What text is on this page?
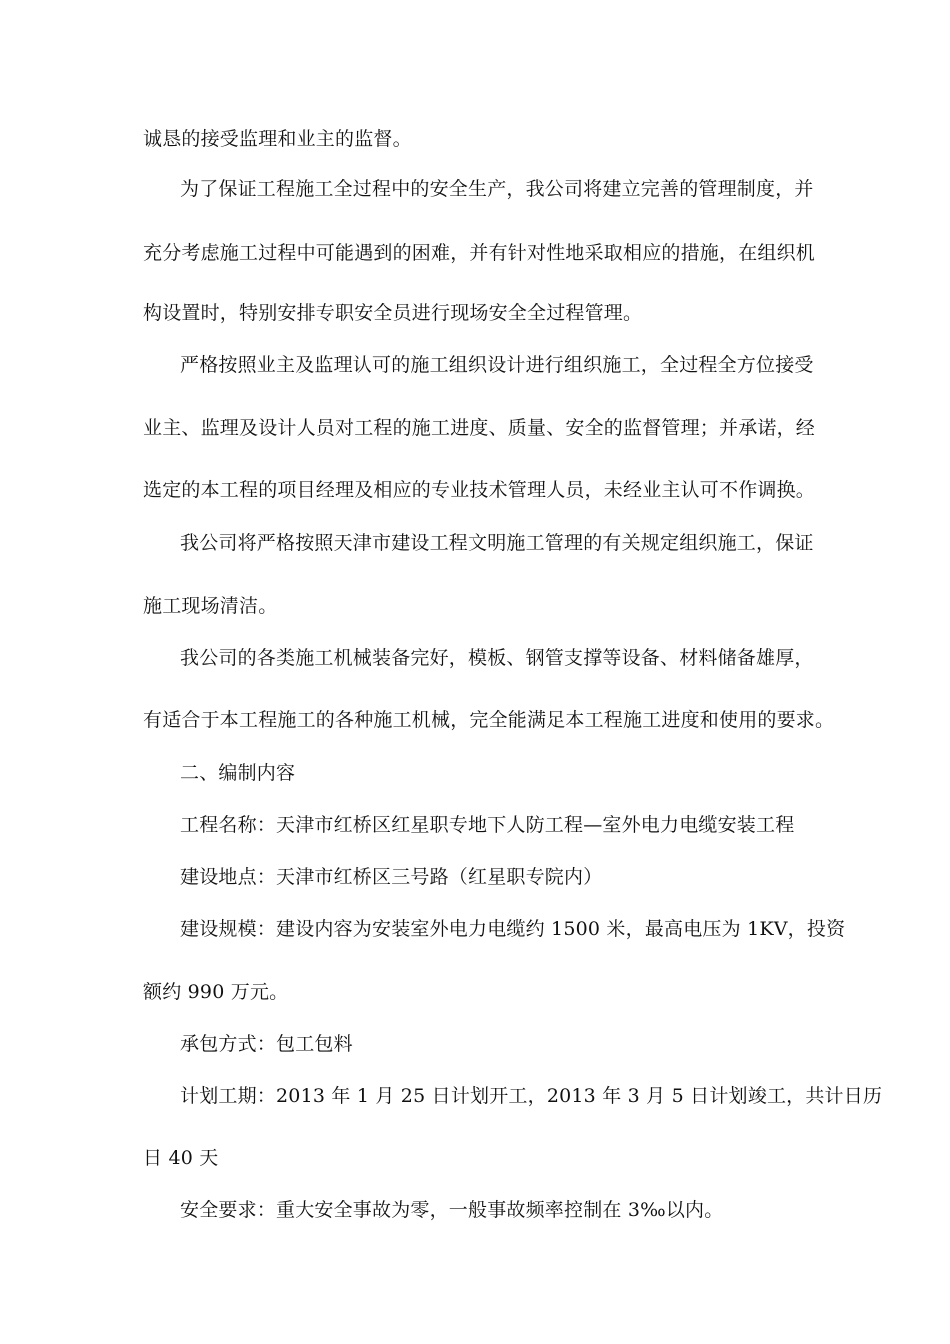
诚恳的接受监理和业主的监督。
为了保证工程施工全过程中的安全生产，我公司将建立完善的管理制度，并
充分考虑施工过程中可能遇到的困难，并有针对性地采取相应的措施，在组织机
构设置时，特别安排专职安全员进行现场安全全过程管理。
严格按照业主及监理认可的施工组织设计进行组织施工，全过程全方位接受
业主、监理及设计人员对工程的施工进度、质量、安全的监督管理；并承诺，经
选定的本工程的项目经理及相应的专业技术管理人员，未经业主认可不作调换。
我公司将严格按照天津市建设工程文明施工管理的有关规定组织施工，保证
施工现场清洁。
我公司的各类施工机械装备完好，模板、钢管支撑等设备、材料储备雄厚，
有适合于本工程施工的各种施工机械，完全能满足本工程施工进度和使用的要求。
二、编制内容
工程名称：天津市红桥区红星职专地下人防工程—室外电力电缆安装工程
建设地点：天津市红桥区三号路（红星职专院内）
建设规模：建设内容为安装室外电力电缆约 1500 米，最高电压为 1KV，投资
额约 990 万元。
承包方式：包工包料
计划工期：2013 年 1 月 25 日计划开工，2013 年 3 月 5 日计划竣工，共计日历
日 40 天
安全要求：重大安全事故为零，一般事故频率控制在 3‰以内。
